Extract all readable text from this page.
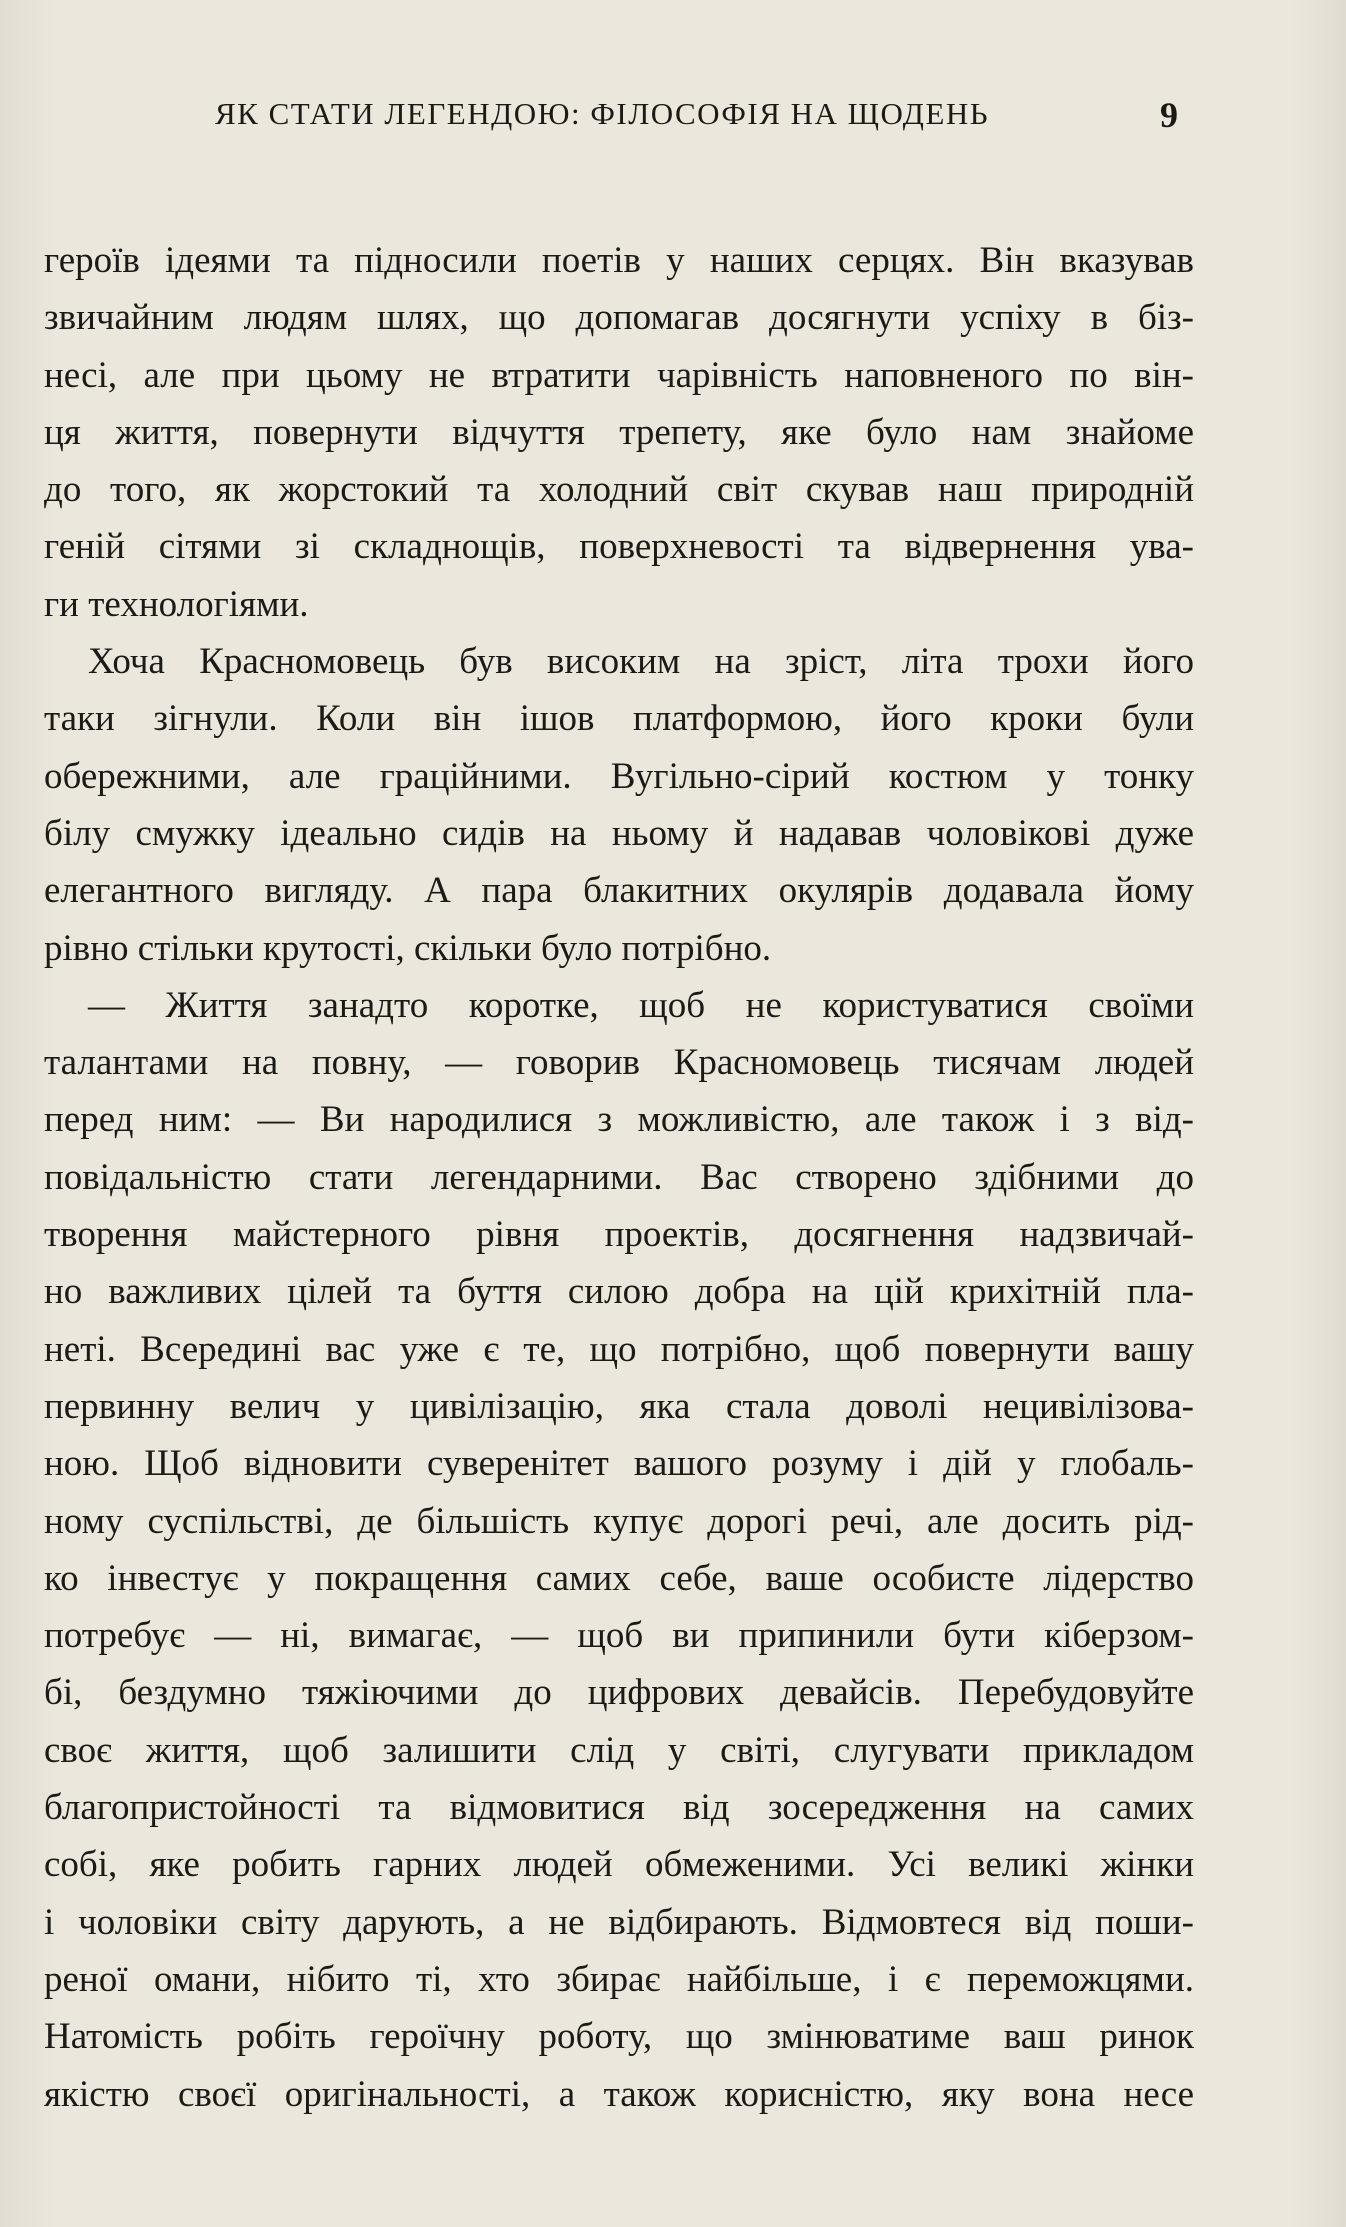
ЯК СТАТИ ЛЕГЕНДОЮ: ФІЛОСОФІЯ НА ЩОДЕНЬ	9

героїв ідеями та підносили поетів у наших серцях. Він вказував
звичайним людям шлях, що допомагав досягнути успіху в біз-
несі, але при цьому не втратити чарівність наповненого по він-
ця життя, повернути відчуття трепету, яке було нам знайоме
до того, як жорстокий та холодний світ скував наш природній
геній сітями зі складнощів, поверхневості та відвернення ува-
ги технологіями.

Хоча Красномовець був високим на зріст, літа трохи його
таки зігнули. Коли він ішов платформою, його кроки були
обережними, але граційними. Вугільно-сірий костюм у тонку
білу смужку ідеально сидів на ньому й надавав чоловікові дуже
елегантного вигляду. А пара блакитних окулярів додавала йому
рівно стільки крутості, скільки було потрібно.

— Життя занадто коротке, щоб не користуватися своїми
талантами на повну, — говорив Красномовець тисячам людей
перед ним: — Ви народилися з можливістю, але також і з від-
повідальністю стати легендарними. Вас створено здібними до
творення майстерного рівня проектів, досягнення надзвичай-
но важливих цілей та буття силою добра на цій крихітній пла-
неті. Всередині вас уже є те, що потрібно, щоб повернути вашу
первинну велич у цивілізацію, яка стала доволі нецивілізова-
ною. Щоб відновити суверенітет вашого розуму і дій у глобаль-
ному суспільстві, де більшість купує дорогі речі, але досить рід-
ко інвестує у покращення самих себе, ваше особисте лідерство
потребує — ні, вимагає, — щоб ви припинили бути кіберзом-
бі, бездумно тяжіючими до цифрових девайсів. Перебудовуйте
своє життя, щоб залишити слід у світі, слугувати прикладом
благопристойності та відмовитися від зосередження на самих
собі, яке робить гарних людей обмеженими. Усі великі жінки
і чоловіки світу дарують, а не відбирають. Відмовтеся від поши-
реної омани, нібито ті, хто збирає найбільше, і є переможцями.
Натомість робіть героїчну роботу, що змінюватиме ваш ринок
якістю своєї оригінальності, а також корисністю, яку вона несе
